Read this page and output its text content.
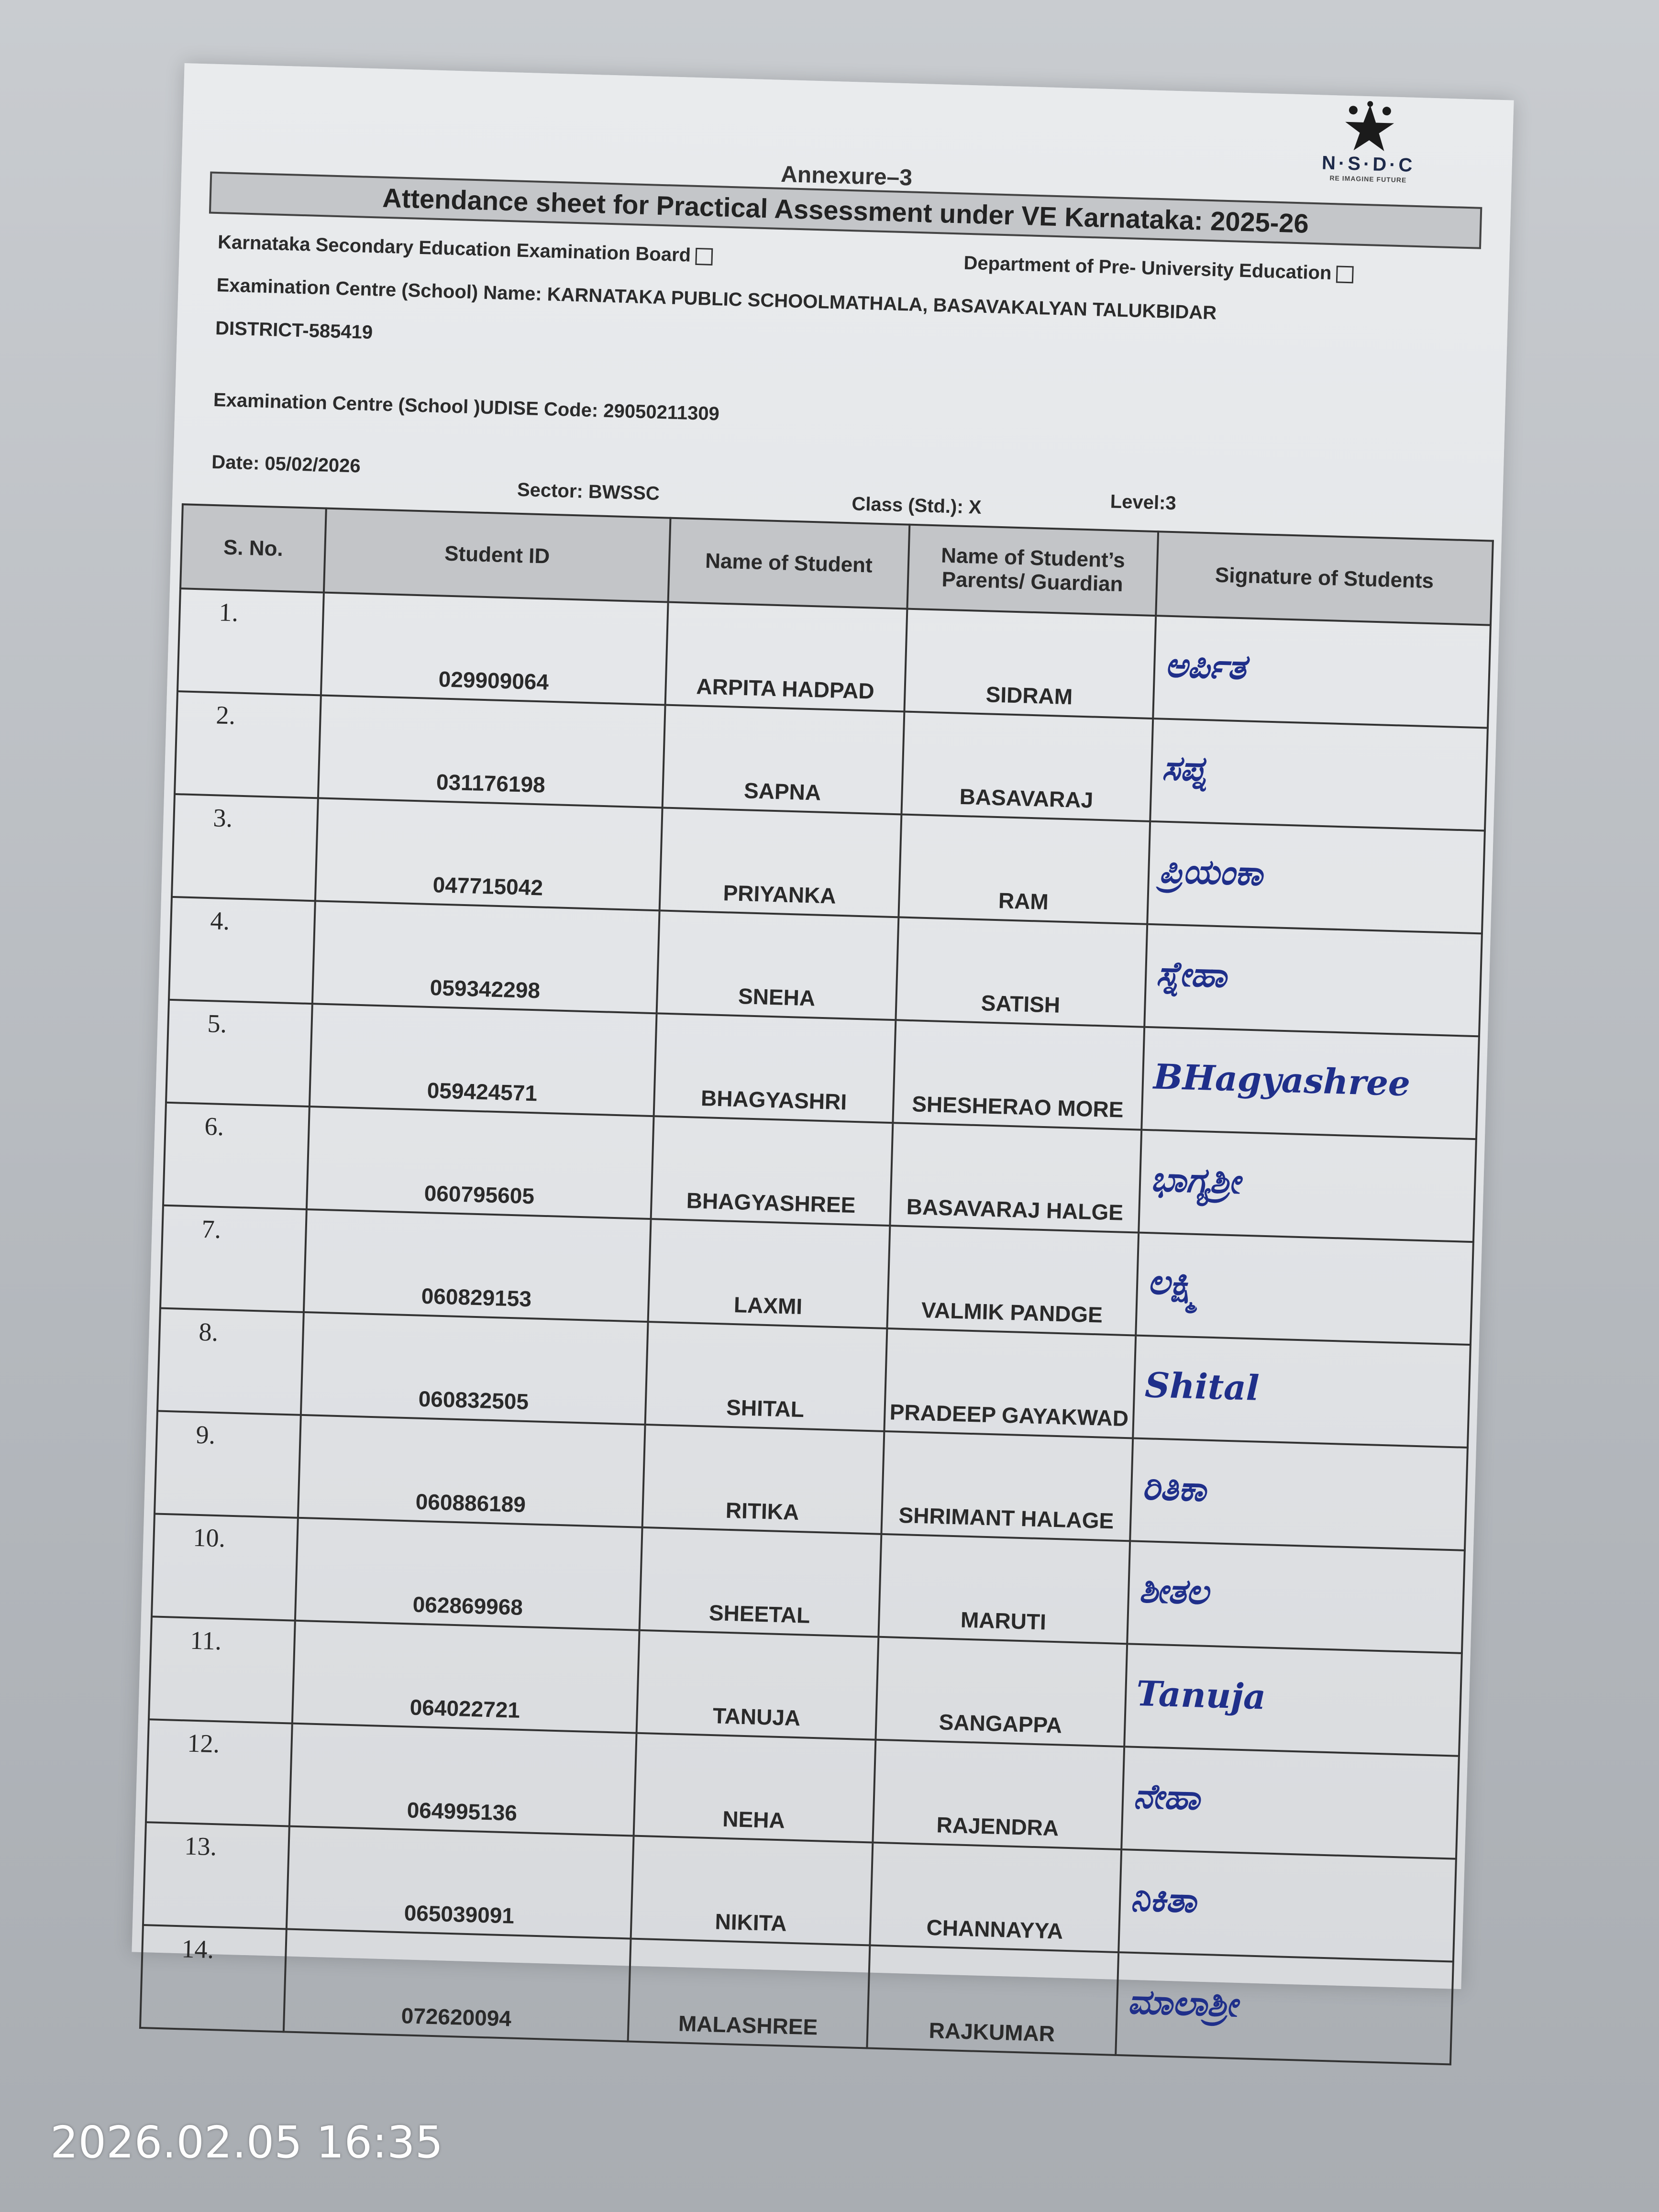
N·S·D·C
RE IMAGINE FUTURE
Annexure–3
Attendance sheet for Practical Assessment under VE Karnataka: 2025-26
Karnataka Secondary Education Examination Board
Department of Pre- University Education
Examination Centre (School) Name: KARNATAKA PUBLIC SCHOOLMATHALA, BASAVAKALYAN TALUKBIDAR
DISTRICT-585419
Examination Centre (School )UDISE Code: 29050211309
Date: 05/02/2026
Sector: BWSSC
Class (Std.): X	Level:3
S. No.	Student ID	Name of Student	Name of Student’s Parents/ Guardian	Signature of Students
1.	029909064	ARPITA HADPAD	SIDRAM	ಅರ್ಪಿತ
2.	031176198	SAPNA	BASAVARAJ	ಸಪ್ನ
3.	047715042	PRIYANKA	RAM	ಪ್ರಿಯಂಕಾ
4.	059342298	SNEHA	SATISH	ಸ್ನೇಹಾ
5.	059424571	BHAGYASHRI	SHESHERAO MORE	BHagyashree
6.	060795605	BHAGYASHREE	BASAVARAJ HALGE	ಭಾಗ್ಯಶ್ರೀ
7.	060829153	LAXMI	VALMIK PANDGE	ಲಕ್ಷ್ಮಿ
8.	060832505	SHITAL	PRADEEP GAYAKWAD	Shital
9.	060886189	RITIKA	SHRIMANT HALAGE	ರಿತಿಕಾ
10.	062869968	SHEETAL	MARUTI	ಶೀತಲ
11.	064022721	TANUJA	SANGAPPA	Tanuja
12.	064995136	NEHA	RAJENDRA	ನೇಹಾ
13.	065039091	NIKITA	CHANNAYYA	ನಿಕಿತಾ
14.	072620094	MALASHREE	RAJKUMAR	ಮಾಲಾಶ್ರೀ
2026.02.05 16:35
